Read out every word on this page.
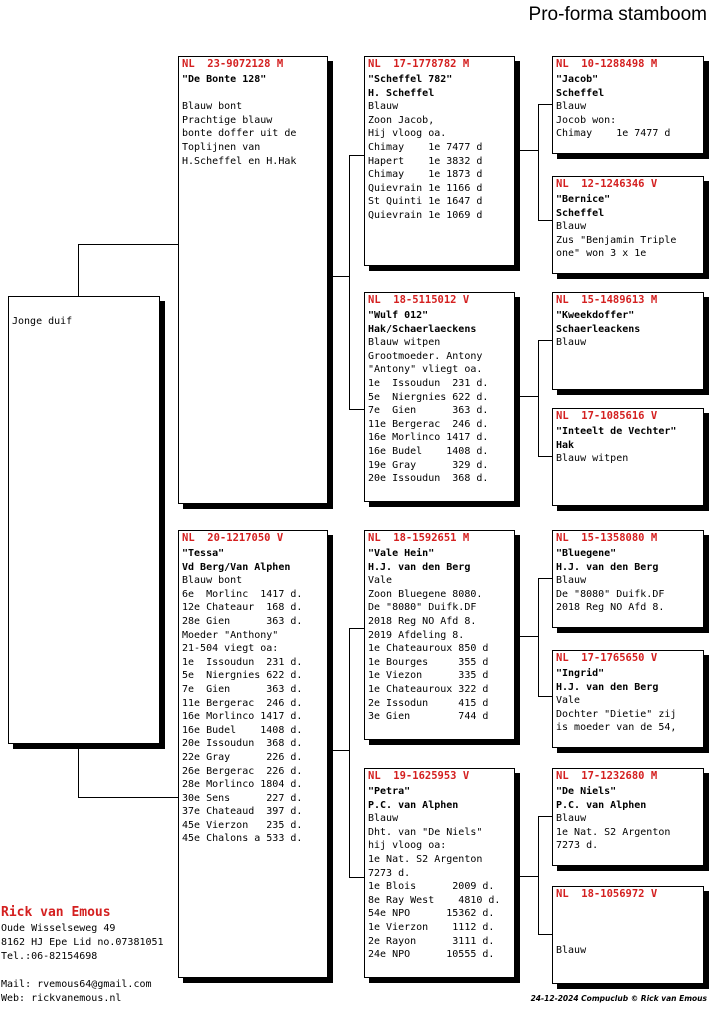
Pro-forma stamboom
Jonge duif
NL  23-9072128 M
"De Bonte 128"

Blauw bont
Prachtige blauw
bonte doffer uit de
Toplijnen van
H.Scheffel en H.Hak
NL  20-1217050 V
"Tessa"
Vd Berg/Van Alphen
Blauw bont
6e  Morlinc  1417 d.
12e Chateaur  168 d.
28e Gien      363 d.
Moeder "Anthony"
21-504 viegt oa:
1e  Issoudun  231 d.
5e  Niergnies 622 d.
7e  Gien      363 d.
11e Bergerac  246 d.
16e Morlinco 1417 d.
16e Budel    1408 d.
20e Issoudun  368 d.
22e Gray      226 d.
26e Bergerac  226 d.
28e Morlinco 1804 d.
30e Sens      227 d.
37e Chateaud  397 d.
45e Vierzon   235 d.
45e Chalons a 533 d.
NL  17-1778782 M
"Scheffel 782"
H. Scheffel
Blauw
Zoon Jacob,
Hij vloog oa.
Chimay    1e 7477 d
Hapert    1e 3832 d
Chimay    1e 1873 d
Quievrain 1e 1166 d
St Quinti 1e 1647 d
Quievrain 1e 1069 d
NL  18-5115012 V
"Wulf 012"
Hak/Schaerlaeckens
Blauw witpen
Grootmoeder. Antony
"Antony" vliegt oa.
1e  Issoudun  231 d.
5e  Niergnies 622 d.
7e  Gien      363 d.
11e Bergerac  246 d.
16e Morlinco 1417 d.
16e Budel    1408 d.
19e Gray      329 d.
20e Issoudun  368 d.
NL  18-1592651 M
"Vale Hein"
H.J. van den Berg
Vale
Zoon Bluegene 8080.
De "8080" Duifk.DF
2018 Reg NO Afd 8.
2019 Afdeling 8.
1e Chateauroux 850 d
1e Bourges     355 d
1e Viezon      335 d
1e Chateauroux 322 d
2e Issodun     415 d
3e Gien        744 d
NL  19-1625953 V
"Petra"
P.C. van Alphen
Blauw
Dht. van "De Niels"
hij vloog oa:
1e Nat. S2 Argenton
7273 d.
1e Blois      2009 d.
8e Ray West    4810 d.
54e NPO      15362 d.
1e Vierzon    1112 d.
2e Rayon      3111 d.
24e NPO      10555 d.
NL  10-1288498 M
"Jacob"
Scheffel
Blauw
Jocob won:
Chimay    1e 7477 d
NL  12-1246346 V
"Bernice"
Scheffel
Blauw
Zus "Benjamin Triple
one" won 3 x 1e
NL  15-1489613 M
"Kweekdoffer"
Schaerleackens
Blauw
NL  17-1085616 V
"Inteelt de Vechter"
Hak
Blauw witpen
NL  15-1358080 M
"Bluegene"
H.J. van den Berg
Blauw
De "8080" Duifk.DF
2018 Reg NO Afd 8.
NL  17-1765650 V
"Ingrid"
H.J. van den Berg
Vale
Dochter "Dietie" zij
is moeder van de 54,
NL  17-1232680 M
"De Niels"
P.C. van Alphen
Blauw
1e Nat. S2 Argenton
7273 d.
NL  18-1056972 V

Blauw
Rick van Emous
Oude Wisselseweg 49
8162 HJ Epe Lid no.07381051
Tel.:06-82154698
Mail: rvemous64@gmail.com
Web: rickvanemous.nl	24-12-2024 Compuclub © Rick van Emous
